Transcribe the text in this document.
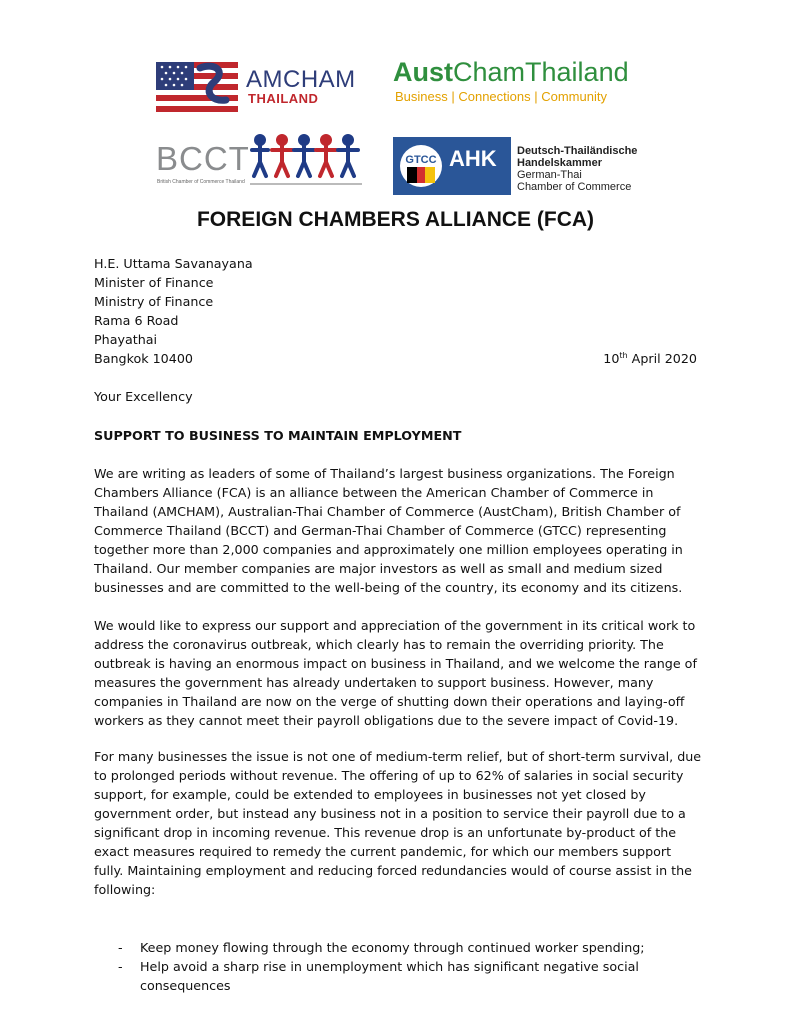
AMCHAM
THAILAND
AustChamThailand
Business | Connections | Community
BCCT
British Chamber of Commerce Thailand
GTCC AHK Deutsch-Thailändische
Handelskammer
German-Thai
Chamber of Commerce
FOREIGN CHAMBERS ALLIANCE (FCA)
H.E. Uttama Savanayana
Minister of Finance
Ministry of Finance
Rama 6 Road
Phayathai
Bangkok 10400	10th April 2020
Your Excellency
SUPPORT TO BUSINESS TO MAINTAIN EMPLOYMENT
We are writing as leaders of some of Thailand’s largest business organizations. The Foreign
Chambers Alliance (FCA) is an alliance between the American Chamber of Commerce in
Thailand (AMCHAM), Australian-Thai Chamber of Commerce (AustCham), British Chamber of
Commerce Thailand (BCCT) and German-Thai Chamber of Commerce (GTCC) representing
together more than 2,000 companies and approximately one million employees operating in
Thailand. Our member companies are major investors as well as small and medium sized
businesses and are committed to the well-being of the country, its economy and its citizens.
We would like to express our support and appreciation of the government in its critical work to
address the coronavirus outbreak, which clearly has to remain the overriding priority. The
outbreak is having an enormous impact on business in Thailand, and we welcome the range of
measures the government has already undertaken to support business. However, many
companies in Thailand are now on the verge of shutting down their operations and laying-off
workers as they cannot meet their payroll obligations due to the severe impact of Covid-19.
For many businesses the issue is not one of medium-term relief, but of short-term survival, due
to prolonged periods without revenue. The offering of up to 62% of salaries in social security
support, for example, could be extended to employees in businesses not yet closed by
government order, but instead any business not in a position to service their payroll due to a
significant drop in incoming revenue. This revenue drop is an unfortunate by-product of the
exact measures required to remedy the current pandemic, for which our members support
fully. Maintaining employment and reducing forced redundancies would of course assist in the
following:
- Keep money flowing through the economy through continued worker spending;
- Help avoid a sharp rise in unemployment which has significant negative social
consequences
